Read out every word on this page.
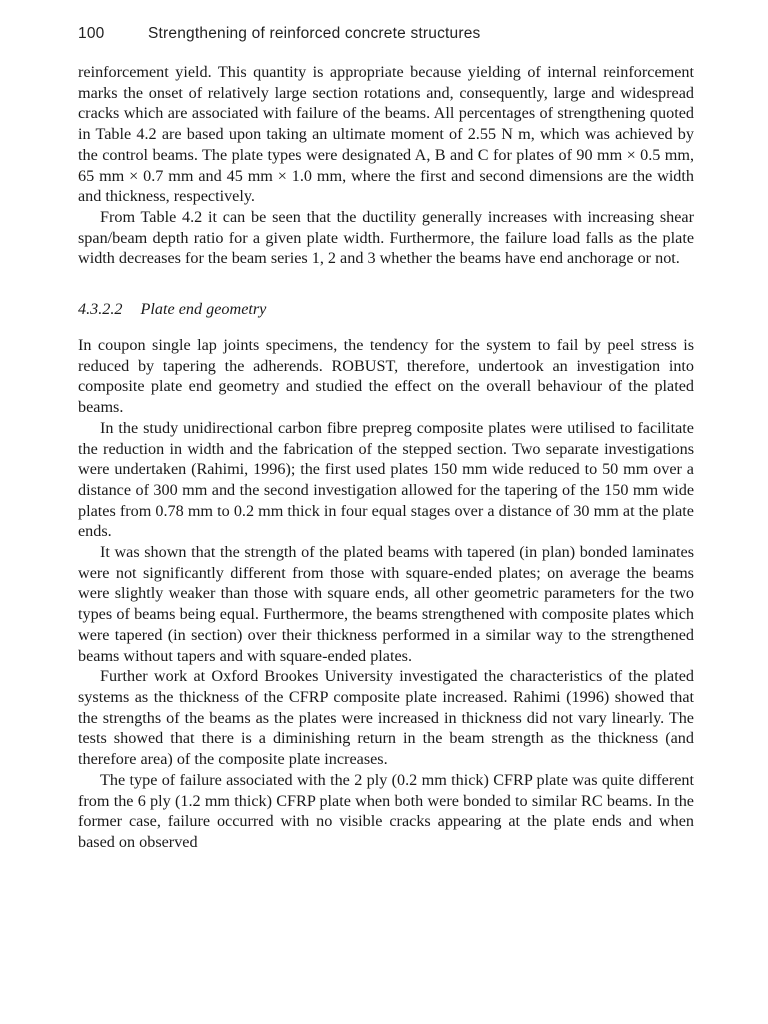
100	Strengthening of reinforced concrete structures

reinforcement yield. This quantity is appropriate because yielding of internal reinforcement marks the onset of relatively large section rotations and, consequently, large and widespread cracks which are associated with failure of the beams. All percentages of strengthening quoted in Table 4.2 are based upon taking an ultimate moment of 2.55 N m, which was achieved by the control beams. The plate types were designated A, B and C for plates of 90 mm × 0.5 mm, 65 mm × 0.7 mm and 45 mm × 1.0 mm, where the first and second dimensions are the width and thickness, respectively.

From Table 4.2 it can be seen that the ductility generally increases with increasing shear span/beam depth ratio for a given plate width. Furthermore, the failure load falls as the plate width decreases for the beam series 1, 2 and 3 whether the beams have end anchorage or not.

4.3.2.2 Plate end geometry

In coupon single lap joints specimens, the tendency for the system to fail by peel stress is reduced by tapering the adherends. ROBUST, therefore, undertook an investigation into composite plate end geometry and studied the effect on the overall behaviour of the plated beams.

In the study unidirectional carbon fibre prepreg composite plates were utilised to facilitate the reduction in width and the fabrication of the stepped section. Two separate investigations were undertaken (Rahimi, 1996); the first used plates 150 mm wide reduced to 50 mm over a distance of 300 mm and the second investigation allowed for the tapering of the 150 mm wide plates from 0.78 mm to 0.2 mm thick in four equal stages over a distance of 30 mm at the plate ends.

It was shown that the strength of the plated beams with tapered (in plan) bonded laminates were not significantly different from those with square-ended plates; on average the beams were slightly weaker than those with square ends, all other geometric parameters for the two types of beams being equal. Furthermore, the beams strengthened with composite plates which were tapered (in section) over their thickness performed in a similar way to the strengthened beams without tapers and with square-ended plates.

Further work at Oxford Brookes University investigated the characteristics of the plated systems as the thickness of the CFRP composite plate increased. Rahimi (1996) showed that the strengths of the beams as the plates were increased in thickness did not vary linearly. The tests showed that there is a diminishing return in the beam strength as the thickness (and therefore area) of the composite plate increases.

The type of failure associated with the 2 ply (0.2 mm thick) CFRP plate was quite different from the 6 ply (1.2 mm thick) CFRP plate when both were bonded to similar RC beams. In the former case, failure occurred with no visible cracks appearing at the plate ends and when based on observed
